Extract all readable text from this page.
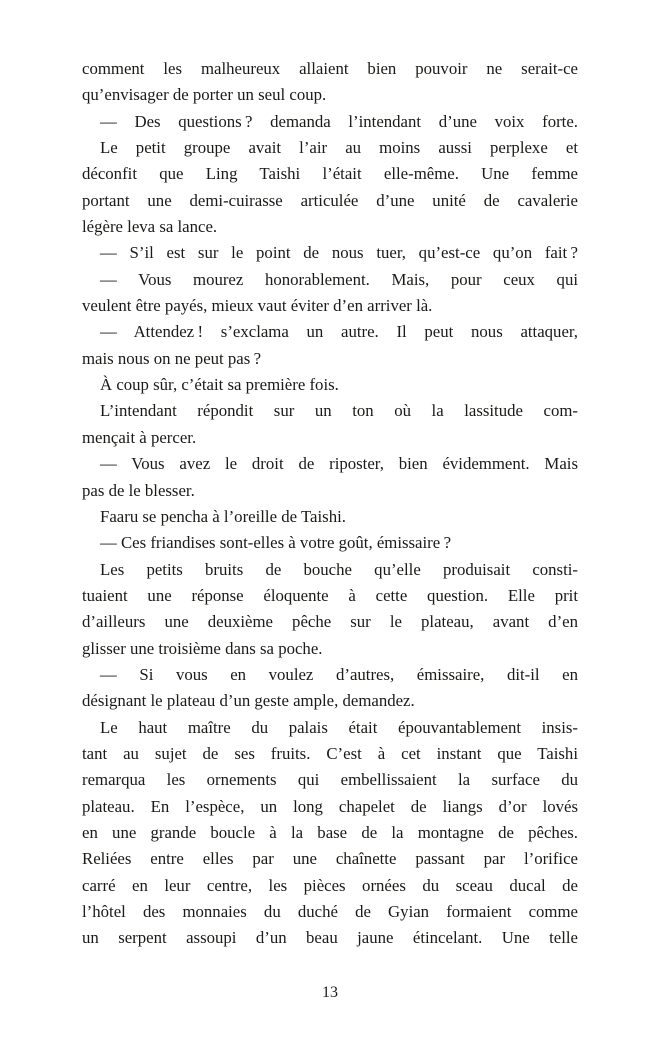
comment les malheureux allaient bien pouvoir ne serait-ce
qu’envisager de porter un seul coup.
— Des questions ? demanda l’intendant d’une voix forte.
Le petit groupe avait l’air au moins aussi perplexe et
déconfit que Ling Taishi l’était elle-même. Une femme
portant une demi-cuirasse articulée d’une unité de cavalerie
légère leva sa lance.
— S’il est sur le point de nous tuer, qu’est-ce qu’on fait ?
— Vous mourez honorablement. Mais, pour ceux qui
veulent être payés, mieux vaut éviter d’en arriver là.
— Attendez ! s’exclama un autre. Il peut nous attaquer,
mais nous on ne peut pas ?
À coup sûr, c’était sa première fois.
L’intendant répondit sur un ton où la lassitude com-
mençait à percer.
— Vous avez le droit de riposter, bien évidemment. Mais
pas de le blesser.
Faaru se pencha à l’oreille de Taishi.
— Ces friandises sont-elles à votre goût, émissaire ?
Les petits bruits de bouche qu’elle produisait consti-
tuaient une réponse éloquente à cette question. Elle prit
d’ailleurs une deuxième pêche sur le plateau, avant d’en
glisser une troisième dans sa poche.
— Si vous en voulez d’autres, émissaire, dit-il en
désignant le plateau d’un geste ample, demandez.
Le haut maître du palais était épouvantablement insis-
tant au sujet de ses fruits. C’est à cet instant que Taishi
remarqua les ornements qui embellissaient la surface du
plateau. En l’espèce, un long chapelet de liangs d’or lovés
en une grande boucle à la base de la montagne de pêches.
Reliées entre elles par une chaînette passant par l’orifice
carré en leur centre, les pièces ornées du sceau ducal de
l’hôtel des monnaies du duché de Gyian formaient comme
un serpent assoupi d’un beau jaune étincelant. Une telle
13
